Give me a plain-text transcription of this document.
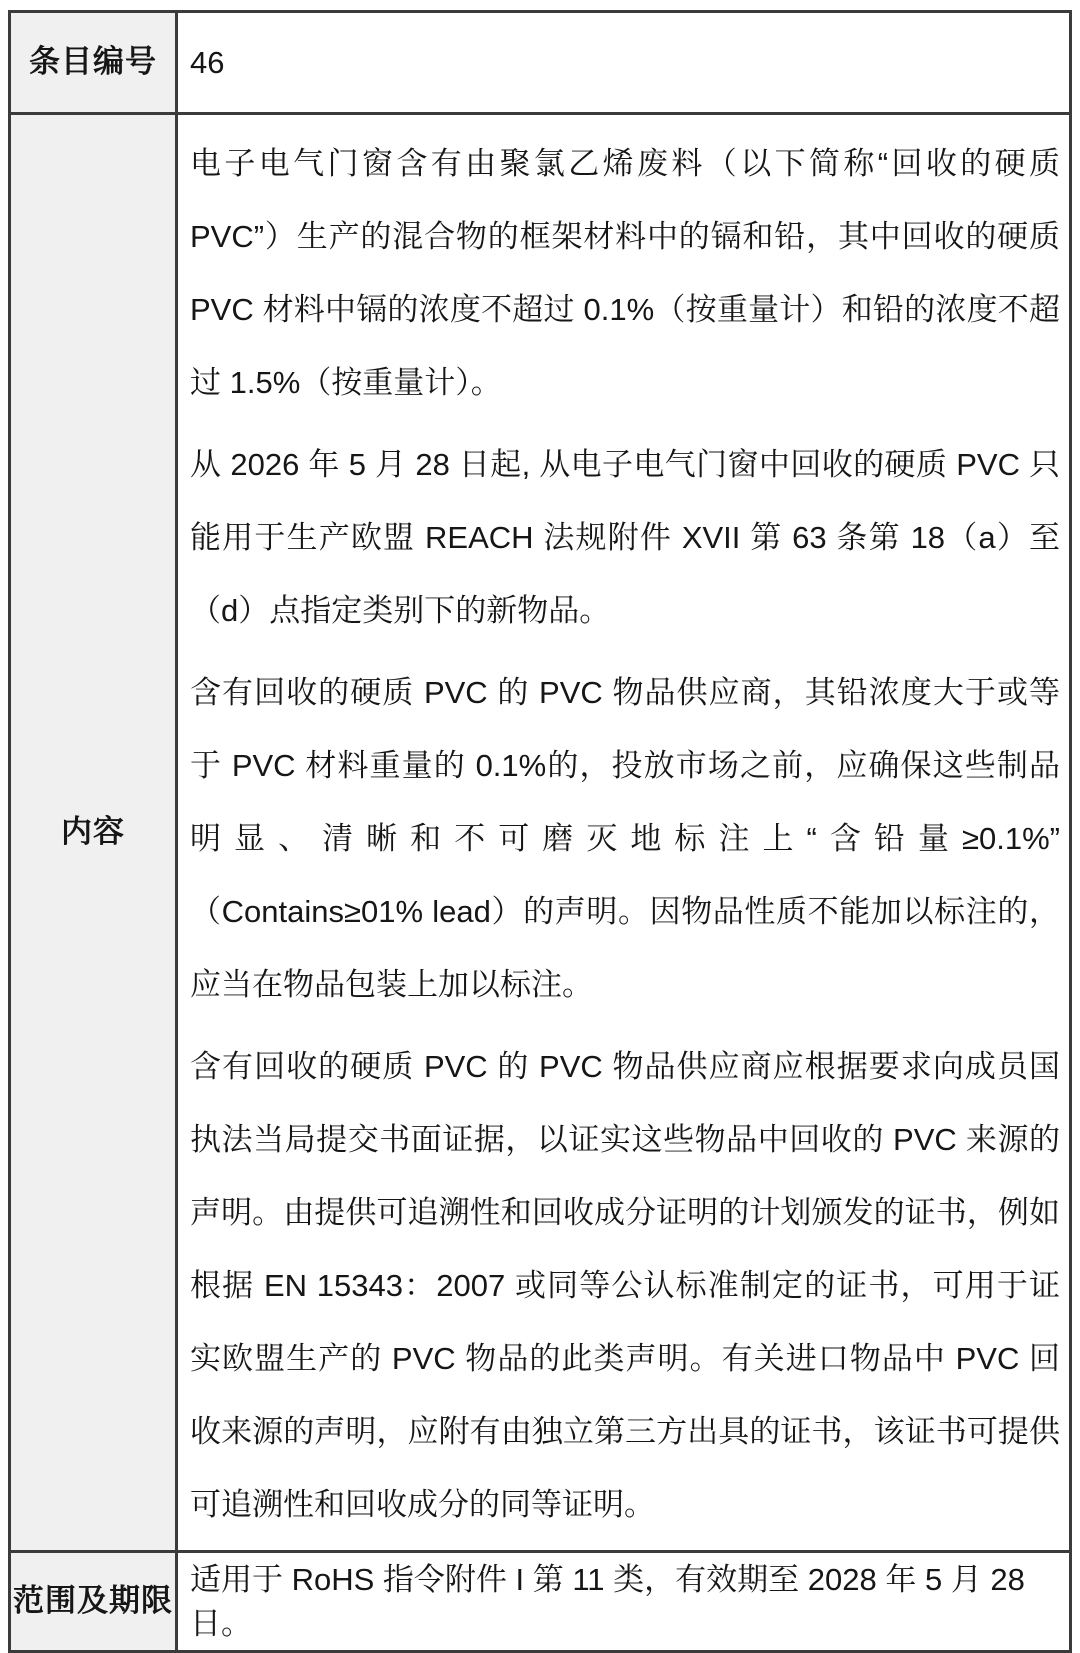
条目编号	46
内容	电子电气门窗含有由聚氯乙烯废料（以下简称“回收的硬质 PVC”）生产的混合物的框架材料中的镉和铅，其中回收的硬质 PVC 材料中镉的浓度不超过 0.1%（按重量计）和铅的浓度不超过 1.5%（按重量计）。

从 2026 年 5 月 28 日起, 从电子电气门窗中回收的硬质 PVC 只能用于生产欧盟 REACH 法规附件 XVII 第 63 条第 18（a）至（d）点指定类别下的新物品。

含有回收的硬质 PVC 的 PVC 物品供应商，其铅浓度大于或等于 PVC 材料重量的 0.1%的，投放市场之前，应确保这些制品明显、清晰和不可磨灭地标注上“含铅量≥0.1%” （Contains≥01% lead）的声明。因物品性质不能加以标注的，应当在物品包装上加以标注。

含有回收的硬质 PVC 的 PVC 物品供应商应根据要求向成员国执法当局提交书面证据，以证实这些物品中回收的 PVC 来源的声明。由提供可追溯性和回收成分证明的计划颁发的证书，例如根据 EN 15343：2007 或同等公认标准制定的证书，可用于证实欧盟生产的 PVC 物品的此类声明。有关进口物品中 PVC 回收来源的声明，应附有由独立第三方出具的证书，该证书可提供可追溯性和回收成分的同等证明。

范围及期限	适用于 RoHS 指令附件 I 第 11 类，有效期至 2028 年 5 月 28 日。
